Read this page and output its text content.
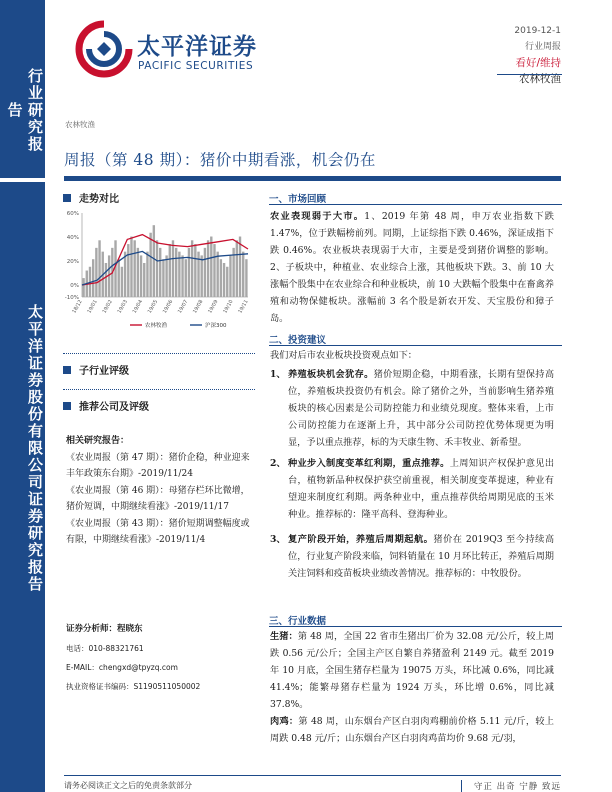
行业研究报告
太平洋证券股份有限公司证券研究报告
太平洋证券
PACIFIC SECURITIES
2019-12-1
行业周报
看好/维持
农林牧渔
农林牧渔
周报（第 48 期）：猪价中期看涨，机会仍在
走势对比
-10%
0%
20%
40%
60%
18/12 19/01 19/02 19/03 19/04 19/05 19/06 19/07 19/08 19/09 19/10 19/11
农林牧渔	沪深300
子行业评级
推荐公司及评级
相关研究报告：
《农业周报（第 47 期）：猪价企稳，种业迎来丰年政策东台期》-2019/11/24
《农业周报（第 46 期）：母猪存栏环比微增，猪价短调，中期继续看涨》-2019/11/17
《农业周报（第 43 期）：猪价短期调整幅度或有限，中期继续看涨》-2019/11/4
证券分析师：程晓东
电话：010-88321761
E-MAIL：chengxd@tpyzq.com
执业资格证书编码：S1190511050002
一、市场回顾
农业表现弱于大市。1、2019 年第 48 周，申万农业指数下跌 1.47%，位于跌幅榜前列。同期，上证综指下跌 0.46%，深证成指下跌 0.46%。农业板块表现弱于大市，主要是受到猪价调整的影响。2、子板块中，种植业、农业综合上涨，其他板块下跌。3、前 10 大涨幅个股集中在农业综合和种业板块，前 10 大跌幅个股集中在畜禽养殖和动物保健板块。涨幅前 3 名个股是新农开发、天宝股份和獐子岛。
二、投资建议
我们对后市农业板块投资观点如下：
1、 养殖板块机会犹存。猪价短期企稳，中期看涨，长期有望保持高位，养殖板块投资仍有机会。除了猪价之外，当前影响生猪养殖板块的核心因素是公司防控能力和业绩兑现度。整体来看，上市公司防控能力在逐渐上升，其中部分公司防控优势体现更为明显，予以重点推荐，标的为天康生物、禾丰牧业、新希望。
2、 种业步入制度变革红利期，重点推荐。上周知识产权保护意见出台，植物新品种权保护获空前重视，相关制度变革提速，种业有望迎来制度红利期。两条种业中，重点推荐供给周期见底的玉米种业。推荐标的：隆平高科、登海种业。
3、 复产阶段开始，养殖后周期起航。猪价在 2019Q3 至今持续高位，行业复产阶段来临，饲料销量在 10 月环比转正，养殖后周期关注饲料和疫苗板块业绩改善情况。推荐标的：中牧股份。
三、行业数据
生猪：第 48 周，全国 22 省市生猪出厂价为 32.08 元/公斤，较上周跌 0.56 元/公斤；全国主产区自繁自养猪盈利 2149 元。截至 2019 年 10 月底，全国生猪存栏量为 19075 万头，环比减 0.6%，同比减 41.4%；能繁母猪存栏量为 1924 万头，环比增 0.6%，同比减 37.8%。
肉鸡：第 48 周，山东烟台产区白羽肉鸡棚前价格 5.11 元/斤，较上周跌 0.48 元/斤；山东烟台产区白羽肉鸡苗均价 9.68 元/羽，
请务必阅读正文之后的免责条款部分	守正 出奇 宁静 致远
